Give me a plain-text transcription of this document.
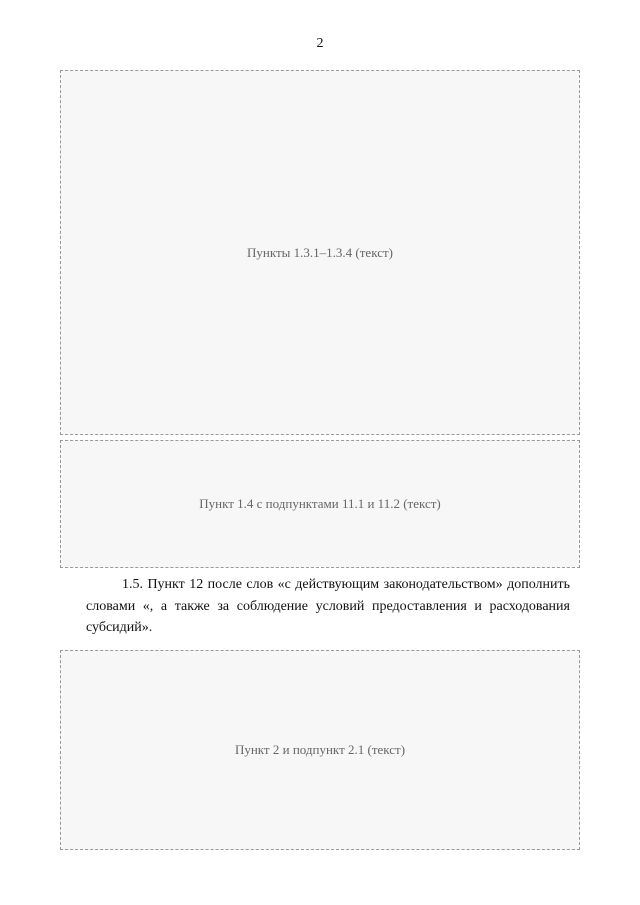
2
Пункты 1.3.1–1.3.4 (текст)
Пункт 1.4 с подпунктами 11.1 и 11.2 (текст)

1.5. Пункт 12 после слов «с действующим законодательством» дополнить словами «, а также за соблюдение условий предоставления и расходования субсидий».

Пункт 2 и подпункт 2.1 (текст)
